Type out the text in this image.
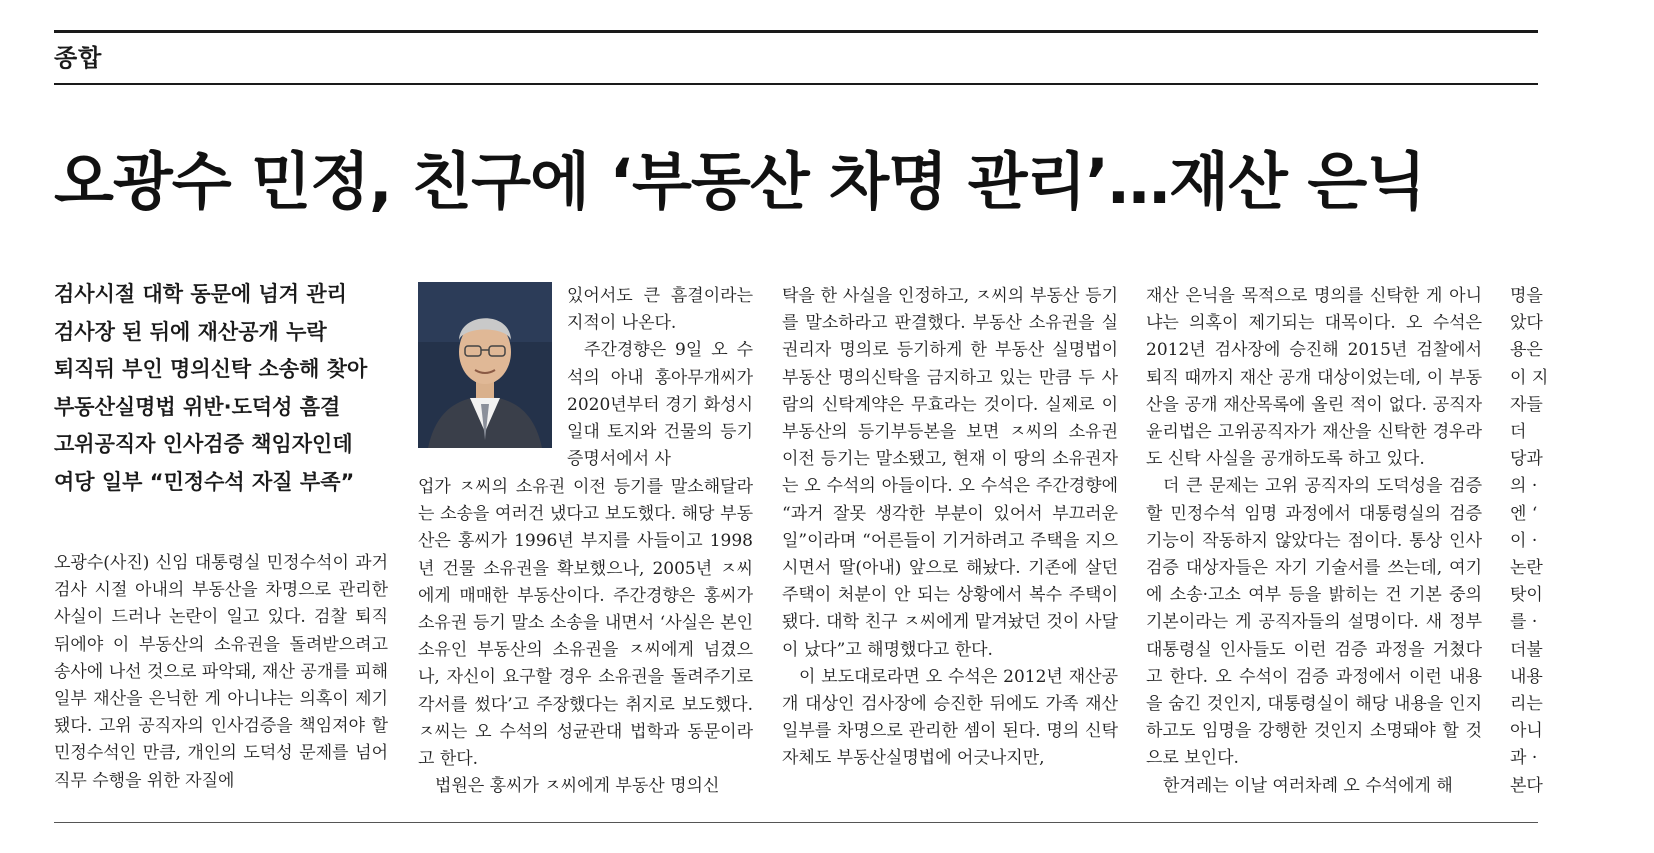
종합
오광수 민정, 친구에 ‘부동산 차명 관리’…재산 은닉
검사시절 대학 동문에 넘겨 관리
검사장 된 뒤에 재산공개 누락
퇴직뒤 부인 명의신탁 소송해 찾아
부동산실명법 위반·도덕성 흠결
고위공직자 인사검증 책임자인데
여당 일부 “민정수석 자질 부족”

오광수(사진) 신임 대통령실 민정수석이 과거 검사 시절 아내의 부동산을 차명으로 관리한 사실이 드러나 논란이 일고 있다. 검찰 퇴직 뒤에야 이 부동산의 소유권을 돌려받으려고 송사에 나선 것으로 파악돼, 재산 공개를 피해 일부 재산을 은닉한 게 아니냐는 의혹이 제기됐다. 고위 공직자의 인사검증을 책임져야 할 민정수석인 만큼, 개인의 도덕성 문제를 넘어 직무 수행을 위한 자질에

있어서도 큰 흠결이라는 지적이 나온다.

주간경향은 9일 오 수석의 아내 홍아무개씨가 2020년부터 경기 화성시 일대 토지와 건물의 등기증명서에서 사

업가 ㅈ씨의 소유권 이전 등기를 말소해달라는 소송을 여러건 냈다고 보도했다. 해당 부동산은 홍씨가 1996년 부지를 사들이고 1998년 건물 소유권을 확보했으나, 2005년 ㅈ씨에게 매매한 부동산이다. 주간경향은 홍씨가 소유권 등기 말소 소송을 내면서 ‘사실은 본인 소유인 부동산의 소유권을 ㅈ씨에게 넘겼으나, 자신이 요구할 경우 소유권을 돌려주기로 각서를 썼다’고 주장했다는 취지로 보도했다. ㅈ씨는 오 수석의 성균관대 법학과 동문이라고 한다.

법원은 홍씨가 ㅈ씨에게 부동산 명의신

탁을 한 사실을 인정하고, ㅈ씨의 부동산 등기를 말소하라고 판결했다. 부동산 소유권을 실권리자 명의로 등기하게 한 부동산 실명법이 부동산 명의신탁을 금지하고 있는 만큼 두 사람의 신탁계약은 무효라는 것이다. 실제로 이 부동산의 등기부등본을 보면 ㅈ씨의 소유권 이전 등기는 말소됐고, 현재 이 땅의 소유권자는 오 수석의 아들이다. 오 수석은 주간경향에 “과거 잘못 생각한 부분이 있어서 부끄러운 일”이라며 “어른들이 기거하려고 주택을 지으시면서 딸(아내) 앞으로 해놨다. 기존에 살던 주택이 처분이 안 되는 상황에서 복수 주택이 됐다. 대학 친구 ㅈ씨에게 맡겨놨던 것이 사달이 났다”고 해명했다고 한다.

이 보도대로라면 오 수석은 2012년 재산공개 대상인 검사장에 승진한 뒤에도 가족 재산 일부를 차명으로 관리한 셈이 된다. 명의 신탁 자체도 부동산실명법에 어긋나지만,

재산 은닉을 목적으로 명의를 신탁한 게 아니냐는 의혹이 제기되는 대목이다. 오 수석은 2012년 검사장에 승진해 2015년 검찰에서 퇴직 때까지 재산 공개 대상이었는데, 이 부동산을 공개 재산목록에 올린 적이 없다. 공직자윤리법은 고위공직자가 재산을 신탁한 경우라도 신탁 사실을 공개하도록 하고 있다.

더 큰 문제는 고위 공직자의 도덕성을 검증할 민정수석 임명 과정에서 대통령실의 검증 기능이 작동하지 않았다는 점이다. 통상 인사검증 대상자들은 자기 기술서를 쓰는데, 여기에 소송·고소 여부 등을 밝히는 건 기본 중의 기본이라는 게 공직자들의 설명이다. 새 정부 대통령실 인사들도 이런 검증 과정을 거쳤다고 한다. 오 수석이 검증 과정에서 이런 내용을 숨긴 것인지, 대통령실이 해당 내용을 인지하고도 임명을 강행한 것인지 소명돼야 할 것으로 보인다.

한겨레는 이날 여러차례 오 수석에게 해

명을
았다
용은
이 지
자들
더
당과
의 ·
엔 ‘
이 ·
논란
탓이
를 ·
더불
내용
리는
아니
과 ·
본다
